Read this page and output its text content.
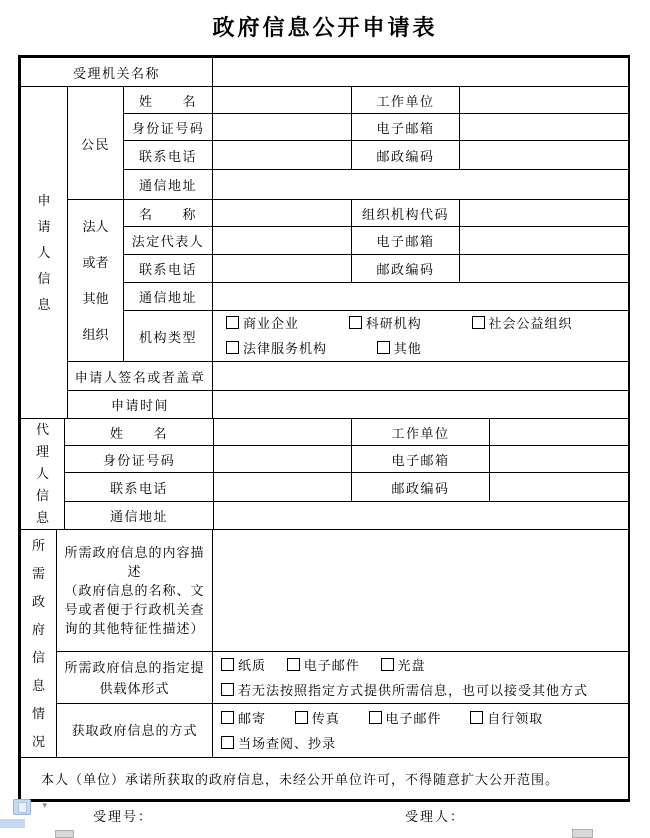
政府信息公开申请表
受理机关名称	
申请人信息	公民	姓　　名		工作单位	
		身份证号码		电子邮箱	
		联系电话		邮政编码	
		通信地址			

	法人或者其他组织	名　　称		组织机构代码	
		法定代表人		电子邮箱	
		联系电话		邮政编码	
		通信地址			
		机构类型	商业企业 科研机构 社会公益组织
法律服务机构 其他		

	申请人签名或者盖章				
	申请时间				
代理人信息	姓　　名		工作单位	
	身份证号码		电子邮箱	
	联系电话		邮政编码	
	通信地址			
所需政府信息情况	所需政府信息的内容描述
（政府信息的名称、文号或者便于行政机关查询的其他特征性描述）	

	所需政府信息的指定提供载体形式	纸质 电子邮件 光盘
若无法按照指定方式提供所需信息，也可以接受其他方式

	获取政府信息的方式	邮寄 传真 电子邮件 自行领取
当场查阅、抄录
本人（单位）承诺所获取的政府信息，未经公开单位许可，不得随意扩大公开范围。
受理号：	受理人：
▾
